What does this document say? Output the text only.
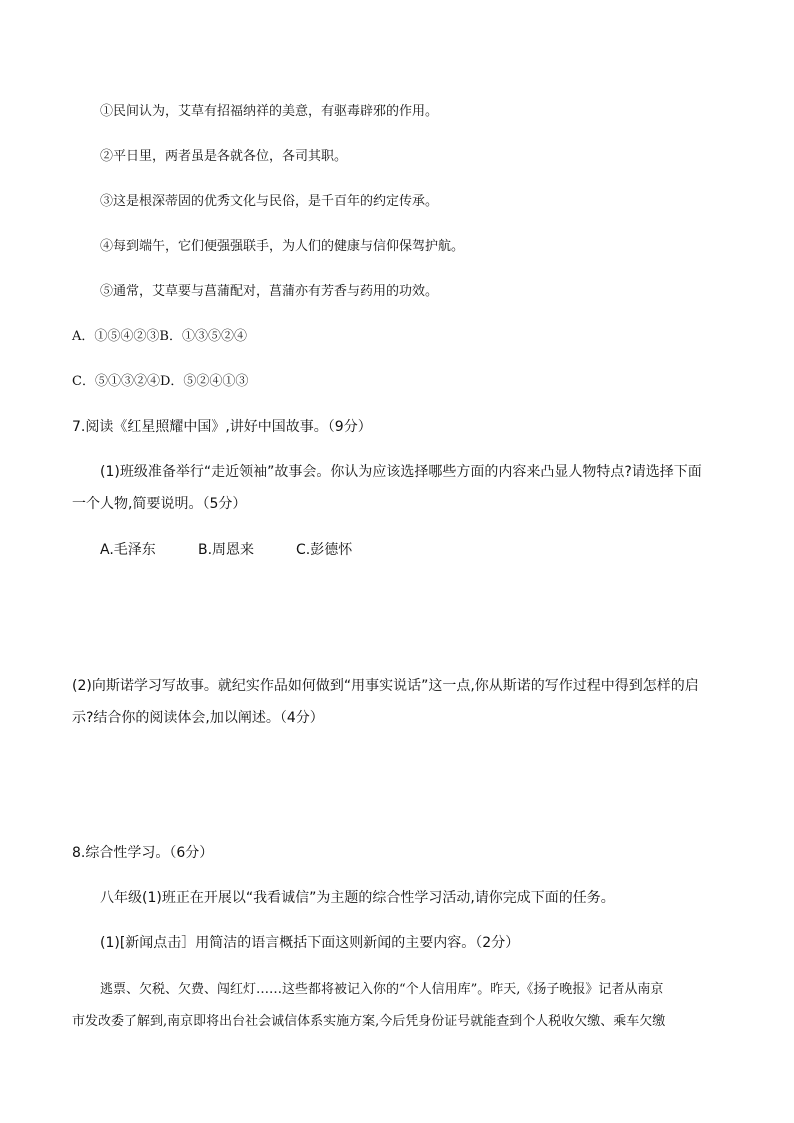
①民间认为，艾草有招福纳祥的美意，有驱毒辟邪的作用。
②平日里，两者虽是各就各位，各司其职。
③这是根深蒂固的优秀文化与民俗，是千百年的约定传承。
④每到端午，它们便强强联手，为人们的健康与信仰保驾护航。
⑤通常，艾草要与菖蒲配对，菖蒲亦有芳香与药用的功效。
A．①⑤④②③B．①③⑤②④
C．⑤①③②④D．⑤②④①③
7.阅读《红星照耀中国》,讲好中国故事。（9分）
(1)班级准备举行“走近领袖”故事会。你认为应该选择哪些方面的内容来凸显人物特点?请选择下面
一个人物,简要说明。（5分）
A.毛泽东	B.周恩来	C.彭德怀
(2)向斯诺学习写故事。就纪实作品如何做到“用事实说话”这一点,你从斯诺的写作过程中得到怎样的启
示?结合你的阅读体会,加以阐述。（4分）
8.综合性学习。（6分）
八年级(1)班正在开展以“我看诚信”为主题的综合性学习活动,请你完成下面的任务。
(1)[新闻点击］用简洁的语言概括下面这则新闻的主要内容。（2分）
逃票、欠税、欠费、闯红灯……这些都将被记入你的“个人信用库”。昨天,《扬子晚报》记者从南京
市发改委了解到,南京即将出台社会诚信体系实施方案,今后凭身份证号就能查到个人税收欠缴、乘车欠缴
